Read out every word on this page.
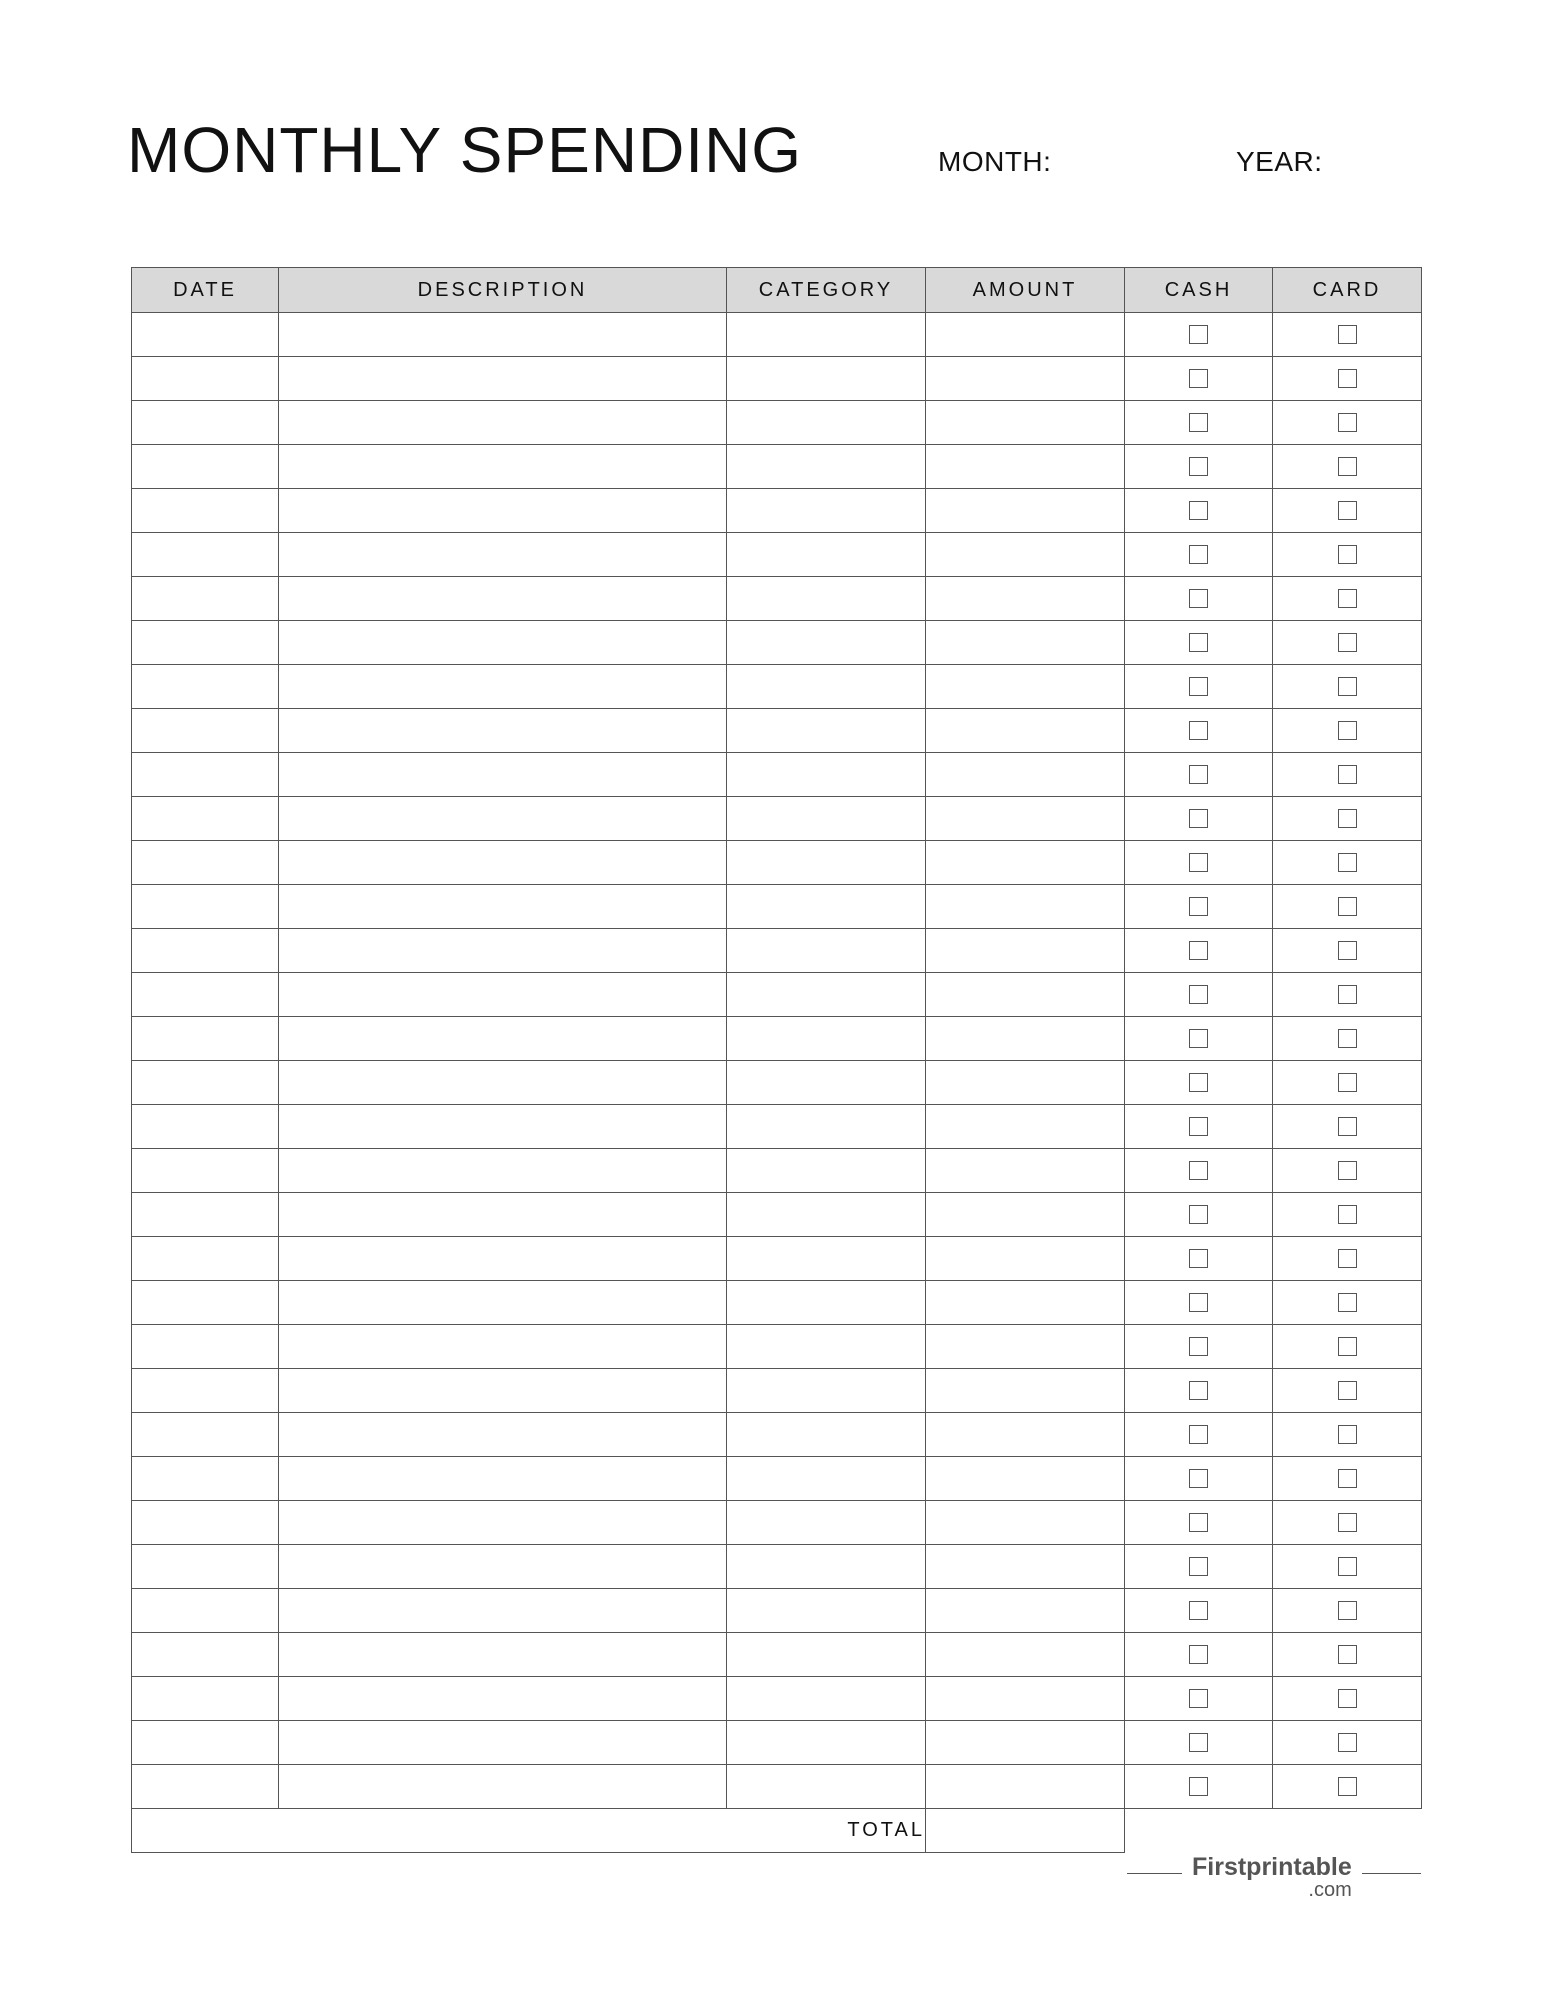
MONTHLY SPENDING	MONTH:	YEAR:
DATE	DESCRIPTION	CATEGORY	AMOUNT	CASH	CARD

TOTAL					
Firstprintable
.com
